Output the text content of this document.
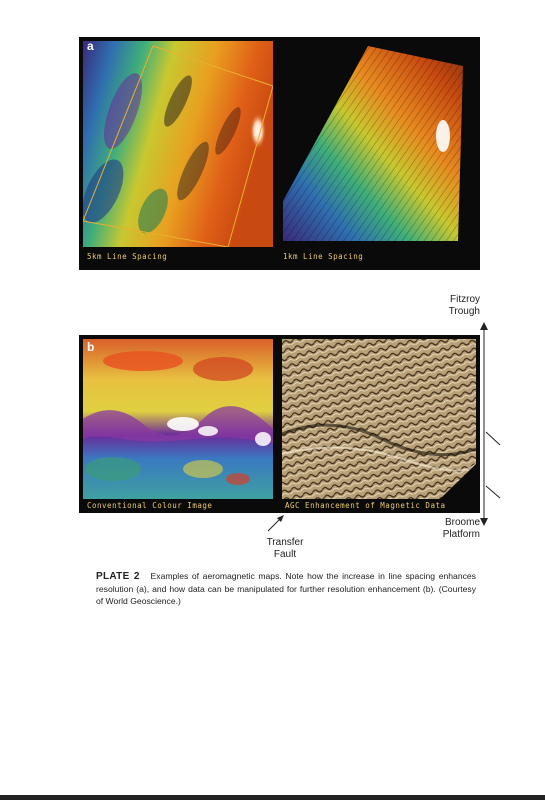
a
5km Line Spacing	1km Line Spacing
b
Conventional Colour Image	AGC Enhancement of Magnetic Data
Fitzroy
Trough
Broome
Platform
Transfer
Fault
PLATE 2 Examples of aeromagnetic maps. Note how the increase in line spacing enhances resolution (a), and how data can be manipulated for further resolution enhancement (b). (Courtesy of World Geoscience.)
